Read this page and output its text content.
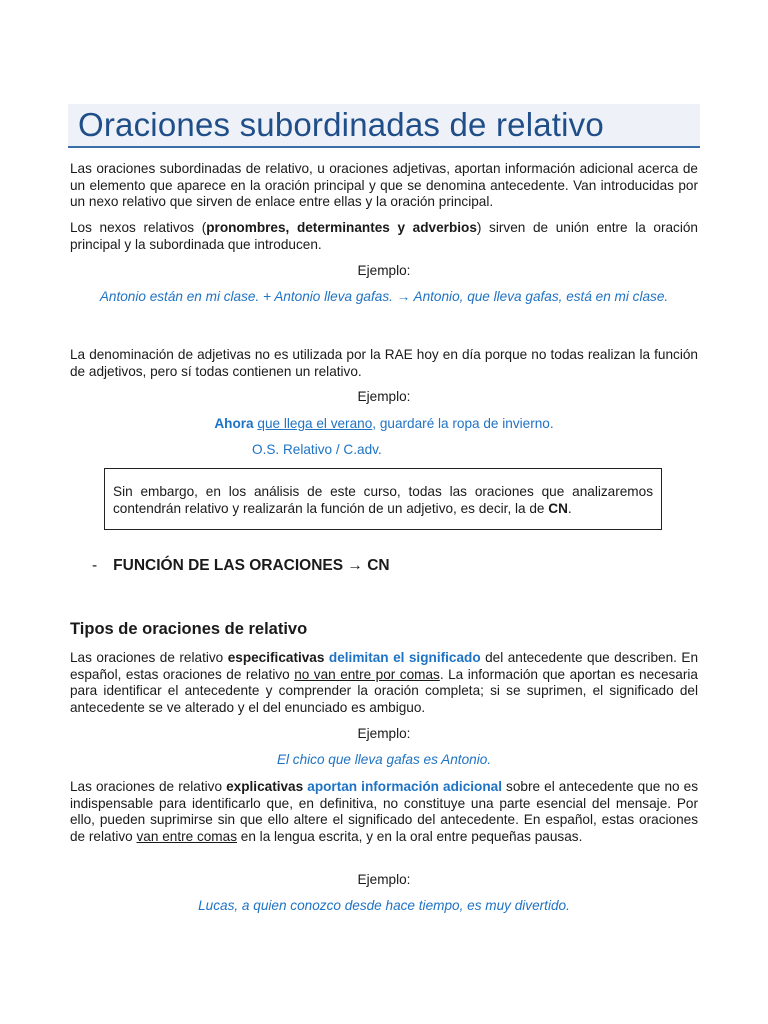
Oraciones subordinadas de relativo

Las oraciones subordinadas de relativo, u oraciones adjetivas, aportan información adicional acerca de un elemento que aparece en la oración principal y que se denomina antecedente. Van introducidas por un nexo relativo que sirven de enlace entre ellas y la oración principal.

Los nexos relativos (pronombres, determinantes y adverbios) sirven de unión entre la oración principal y la subordinada que introducen.

Ejemplo:

Antonio están en mi clase. + Antonio lleva gafas. → Antonio, que lleva gafas, está en mi clase.

La denominación de adjetivas no es utilizada por la RAE hoy en día porque no todas realizan la función de adjetivos, pero sí todas contienen un relativo.

Ejemplo:

Ahora que llega el verano, guardaré la ropa de invierno.

O.S. Relativo / C.adv.

Sin embargo, en los análisis de este curso, todas las oraciones que analizaremos contendrán relativo y realizarán la función de un adjetivo, es decir, la de CN.

- FUNCIÓN DE LAS ORACIONES → CN
Tipos de oraciones de relativo

Las oraciones de relativo especificativas delimitan el significado del antecedente que describen. En español, estas oraciones de relativo no van entre por comas. La información que aportan es necesaria para identificar el antecedente y comprender la oración completa; si se suprimen, el significado del antecedente se ve alterado y el del enunciado es ambiguo.

Ejemplo:

El chico que lleva gafas es Antonio.

Las oraciones de relativo explicativas aportan información adicional sobre el antecedente que no es indispensable para identificarlo que, en definitiva, no constituye una parte esencial del mensaje. Por ello, pueden suprimirse sin que ello altere el significado del antecedente. En español, estas oraciones de relativo van entre comas en la lengua escrita, y en la oral entre pequeñas pausas.

Ejemplo:

Lucas, a quien conozco desde hace tiempo, es muy divertido.
